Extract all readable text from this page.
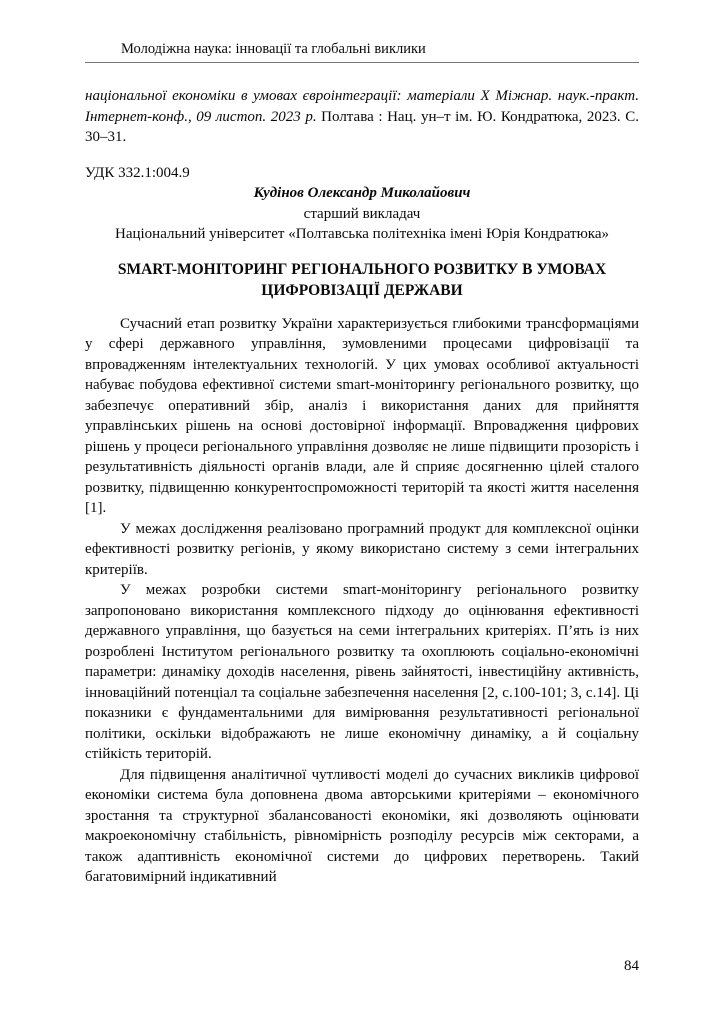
Молодіжна наука: інновації та глобальні виклики

національної економіки в умовах євроінтеграції: матеріали X Міжнар. наук.-практ. Інтернет-конф., 09 листоп. 2023 р. Полтава : Нац. ун–т ім. Ю. Кондратюка, 2023. С. 30–31.

УДК 332.1:004.9

Кудінов Олександр Миколайович

старший викладач

Національний університет «Полтавська політехніка імені Юрія Кондратюка»

SMART-МОНІТОРИНГ РЕГІОНАЛЬНОГО РОЗВИТКУ В УМОВАХ ЦИФРОВІЗАЦІЇ ДЕРЖАВИ

Сучасний етап розвитку України характеризується глибокими трансформаціями у сфері державного управління, зумовленими процесами цифровізації та впровадженням інтелектуальних технологій. У цих умовах особливої актуальності набуває побудова ефективної системи smart-моніторингу регіонального розвитку, що забезпечує оперативний збір, аналіз і використання даних для прийняття управлінських рішень на основі достовірної інформації. Впровадження цифрових рішень у процеси регіонального управління дозволяє не лише підвищити прозорість і результативність діяльності органів влади, але й сприяє досягненню цілей сталого розвитку, підвищенню конкурентоспроможності територій та якості життя населення [1].

У межах дослідження реалізовано програмний продукт для комплексної оцінки ефективності розвитку регіонів, у якому використано систему з семи інтегральних критеріїв.

У межах розробки системи smart-моніторингу регіонального розвитку запропоновано використання комплексного підходу до оцінювання ефективності державного управління, що базується на семи інтегральних критеріях. П’ять із них розроблені Інститутом регіонального розвитку та охоплюють соціально-економічні параметри: динаміку доходів населення, рівень зайнятості, інвестиційну активність, інноваційний потенціал та соціальне забезпечення населення [2, с.100-101; 3, с.14]. Ці показники є фундаментальними для вимірювання результативності регіональної політики, оскільки відображають не лише економічну динаміку, а й соціальну стійкість територій.

Для підвищення аналітичної чутливості моделі до сучасних викликів цифрової економіки система була доповнена двома авторськими критеріями – економічного зростання та структурної збалансованості економіки, які дозволяють оцінювати макроекономічну стабільність, рівномірність розподілу ресурсів між секторами, а також адаптивність економічної системи до цифрових перетворень. Такий багатовимірний індикативний

84
